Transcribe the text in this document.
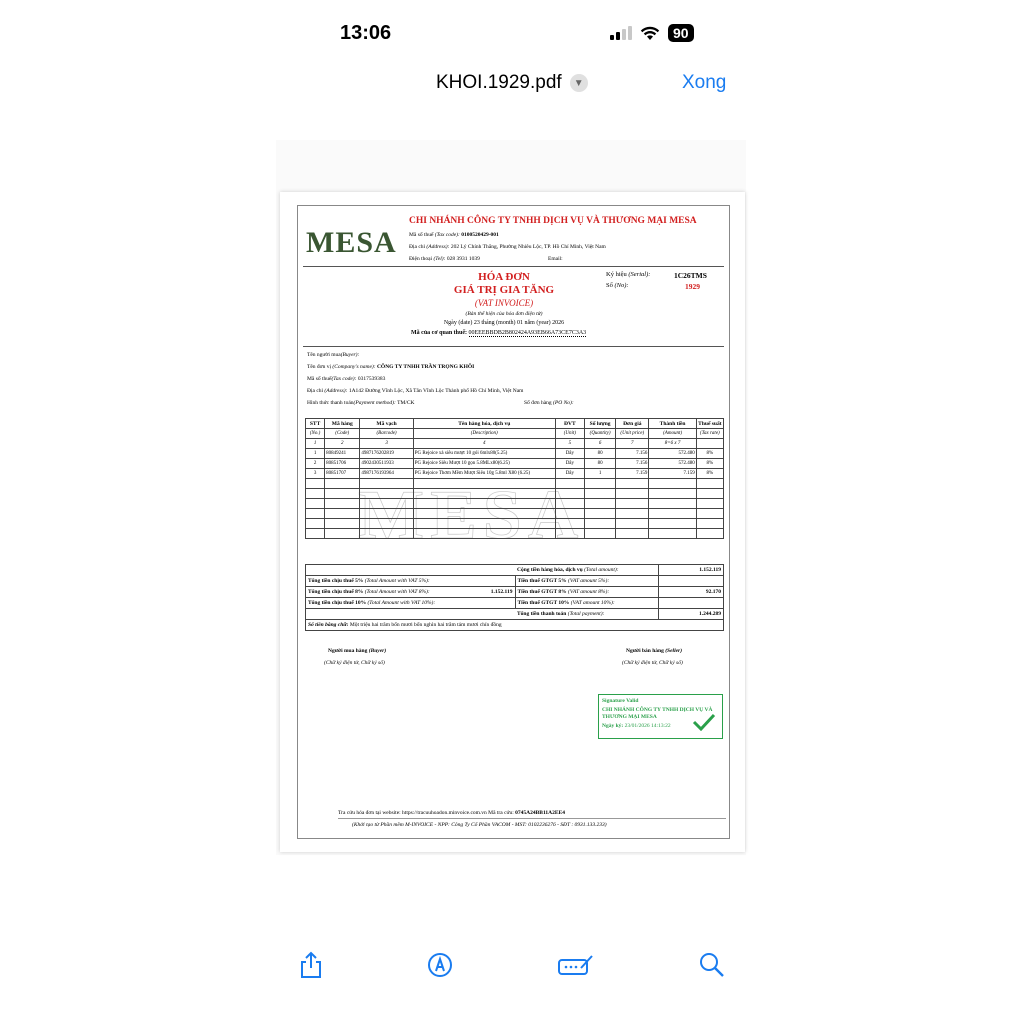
13:06	90
KHOI.1929.pdf	▼	Xong
MESA
CHI NHÁNH CÔNG TY TNHH DỊCH VỤ VÀ THƯƠNG MẠI MESA
Mã số thuế (Tax code): 0100520429-001
Địa chỉ (Address): 202 Lý Chính Thắng, Phường Nhiêu Lộc, TP. Hồ Chí Minh, Việt Nam
Điện thoại (Tel): 028 3931 1039	Email:
HÓA ĐƠN
GIÁ TRỊ GIA TĂNG
(VAT INVOICE)
(Bản thể hiện của hóa đơn điện tử)
Ngày (date) 23 tháng (month) 01 năm (year) 2026
Mã của cơ quan thuế: 00EEEBBDB2B802424A93EB66A73CE7C3A3
Ký hiệu (Serial):	1C26TMS
Số (No):	1929
Tên người mua(Buyer):
Tên đơn vị (Company's name): CÔNG TY TNHH TRẦN TRỌNG KHÔI
Mã số thuế(Tax code): 0317539383
Địa chỉ (Address): 1A142 Đường Vĩnh Lộc, Xã Tân Vĩnh Lộc Thành phố Hồ Chí Minh, Việt Nam
Hình thức thanh toán(Payment method): TM/CK	Số đơn hàng (PO No):
MESA
STT	Mã hàng	Mã vạch	Tên hàng hóa, dịch vụ	ĐVT	Số lượng	Đơn giá	Thành tiền	Thuế suất
(No.)	(Code)	(Barcode)	(Description)	(Unit)	(Quantity)	(Unit price)	(Amount)	(Tax rate)
1	2	3	4	5	6	7	8=6 x 7	
1	80849241	4987176202819	PG Rejoice xả siêu mượt 10 gói 6mlx80(5.25)	Dây	80	7.156	572.480	8%
2	80851706	4902430511933	PG Rejoice Siêu Mượt 10 gọn 5.8MLx80(6.25)	Dây	80	7.156	572.480	8%
3	80851707	4987176193964	PG Rejoice Thơm Mềm Mượt Siêu 10g 5.8ml X80 (6.25)	Dây	1	7.159	7.159	8%

	Cộng tiền hàng hóa, dịch vụ (Total amount):	1.152.119
Tổng tiền chịu thuế 5% (Total Amount with VAT 5%):	Tiền thuế GTGT 5% (VAT amount 5%):	
Tổng tiền chịu thuế 8% (Total Amount with VAT 8%): 1.152.119	Tiền thuế GTGT 8% (VAT amount 8%):	92.170
Tổng tiền chịu thuế 10% (Total Amount with VAT 10%):	Tiền thuế GTGT 10% (VAT amount 10%):	
	Tổng tiền thanh toán (Total payment):	1.244.289
Số tiền bằng chữ: Một triệu hai trăm bốn mươi bốn nghìn hai trăm tám mươi chín đồng		
Người mua hàng (Buyer)
(Chữ ký điện tử, Chữ ký số)
Người bán hàng (Seller)
(Chữ ký điện tử, Chữ ký số)
Signature Valid
CHI NHÁNH CÔNG TY TNHH DỊCH VỤ VÀ THƯƠNG MẠI MESA
Ngày ký: 23/01/2026 14:13:22
Tra cứu hóa đơn tại website: https://tracuuhoadon.minvoice.com.vn Mã tra cứu: 0745A24BB11A2EE4
(Khởi tạo từ Phần mềm M-INVOICE - NPP: Công Ty Cổ Phần VACOM - MST: 0102236276 - SĐT : 0931.133.233)
